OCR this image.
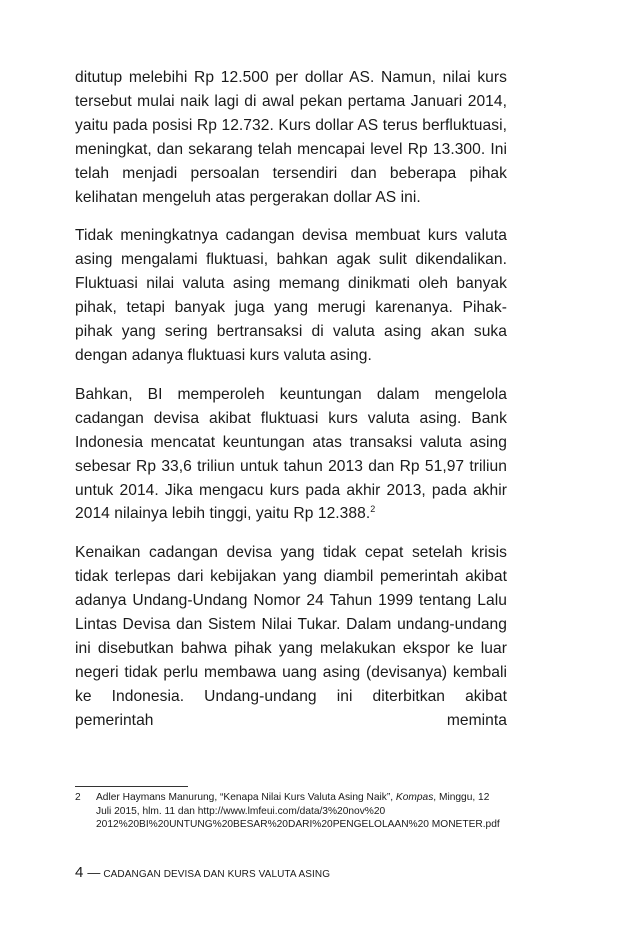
ditutup melebihi Rp 12.500 per dollar AS. Namun, nilai kurs tersebut mulai naik lagi di awal pekan pertama Januari 2014, yaitu pada posisi Rp 12.732. Kurs dollar AS terus berfluktuasi, meningkat, dan sekarang telah mencapai level Rp 13.300. Ini telah menjadi persoalan tersendiri dan beberapa pihak kelihatan mengeluh atas pergerakan dollar AS ini.

Tidak meningkatnya cadangan devisa membuat kurs valuta asing mengalami fluktuasi, bahkan agak sulit dikendalikan. Fluktuasi nilai valuta asing memang dinikmati oleh banyak pihak, tetapi banyak juga yang merugi karenanya. Pihak-pihak yang sering bertransaksi di valuta asing akan suka dengan adanya fluktuasi kurs valuta asing.

Bahkan, BI memperoleh keuntungan dalam mengelola cadangan devisa akibat fluktuasi kurs valuta asing. Bank Indonesia mencatat keuntungan atas transaksi valuta asing sebesar Rp 33,6 triliun untuk tahun 2013 dan Rp 51,97 triliun untuk 2014. Jika mengacu kurs pada akhir 2013, pada akhir 2014 nilainya lebih tinggi, yaitu Rp 12.388.$^2$

Kenaikan cadangan devisa yang tidak cepat setelah krisis tidak terlepas dari kebijakan yang diambil pemerintah akibat adanya Undang-Undang Nomor 24 Tahun 1999 tentang Lalu Lintas Devisa dan Sistem Nilai Tukar. Dalam undang-undang ini disebutkan bahwa pihak yang melakukan ekspor ke luar negeri tidak perlu membawa uang asing (devisanya) kembali ke Indonesia. Undang-undang ini diterbitkan akibat pemerintah meminta

2 Adler Haymans Manurung, “Kenapa Nilai Kurs Valuta Asing Naik”, Kompas, Minggu, 12 Juli 2015, hlm. 11 dan http://www.lmfeui.com/data/3%20nov%20 2012%20BI%20UNTUNG%20BESAR%20DARI%20PENGELOLAAN%20 MONETER.pdf
4 — CADANGAN DEVISA DAN KURS VALUTA ASING
